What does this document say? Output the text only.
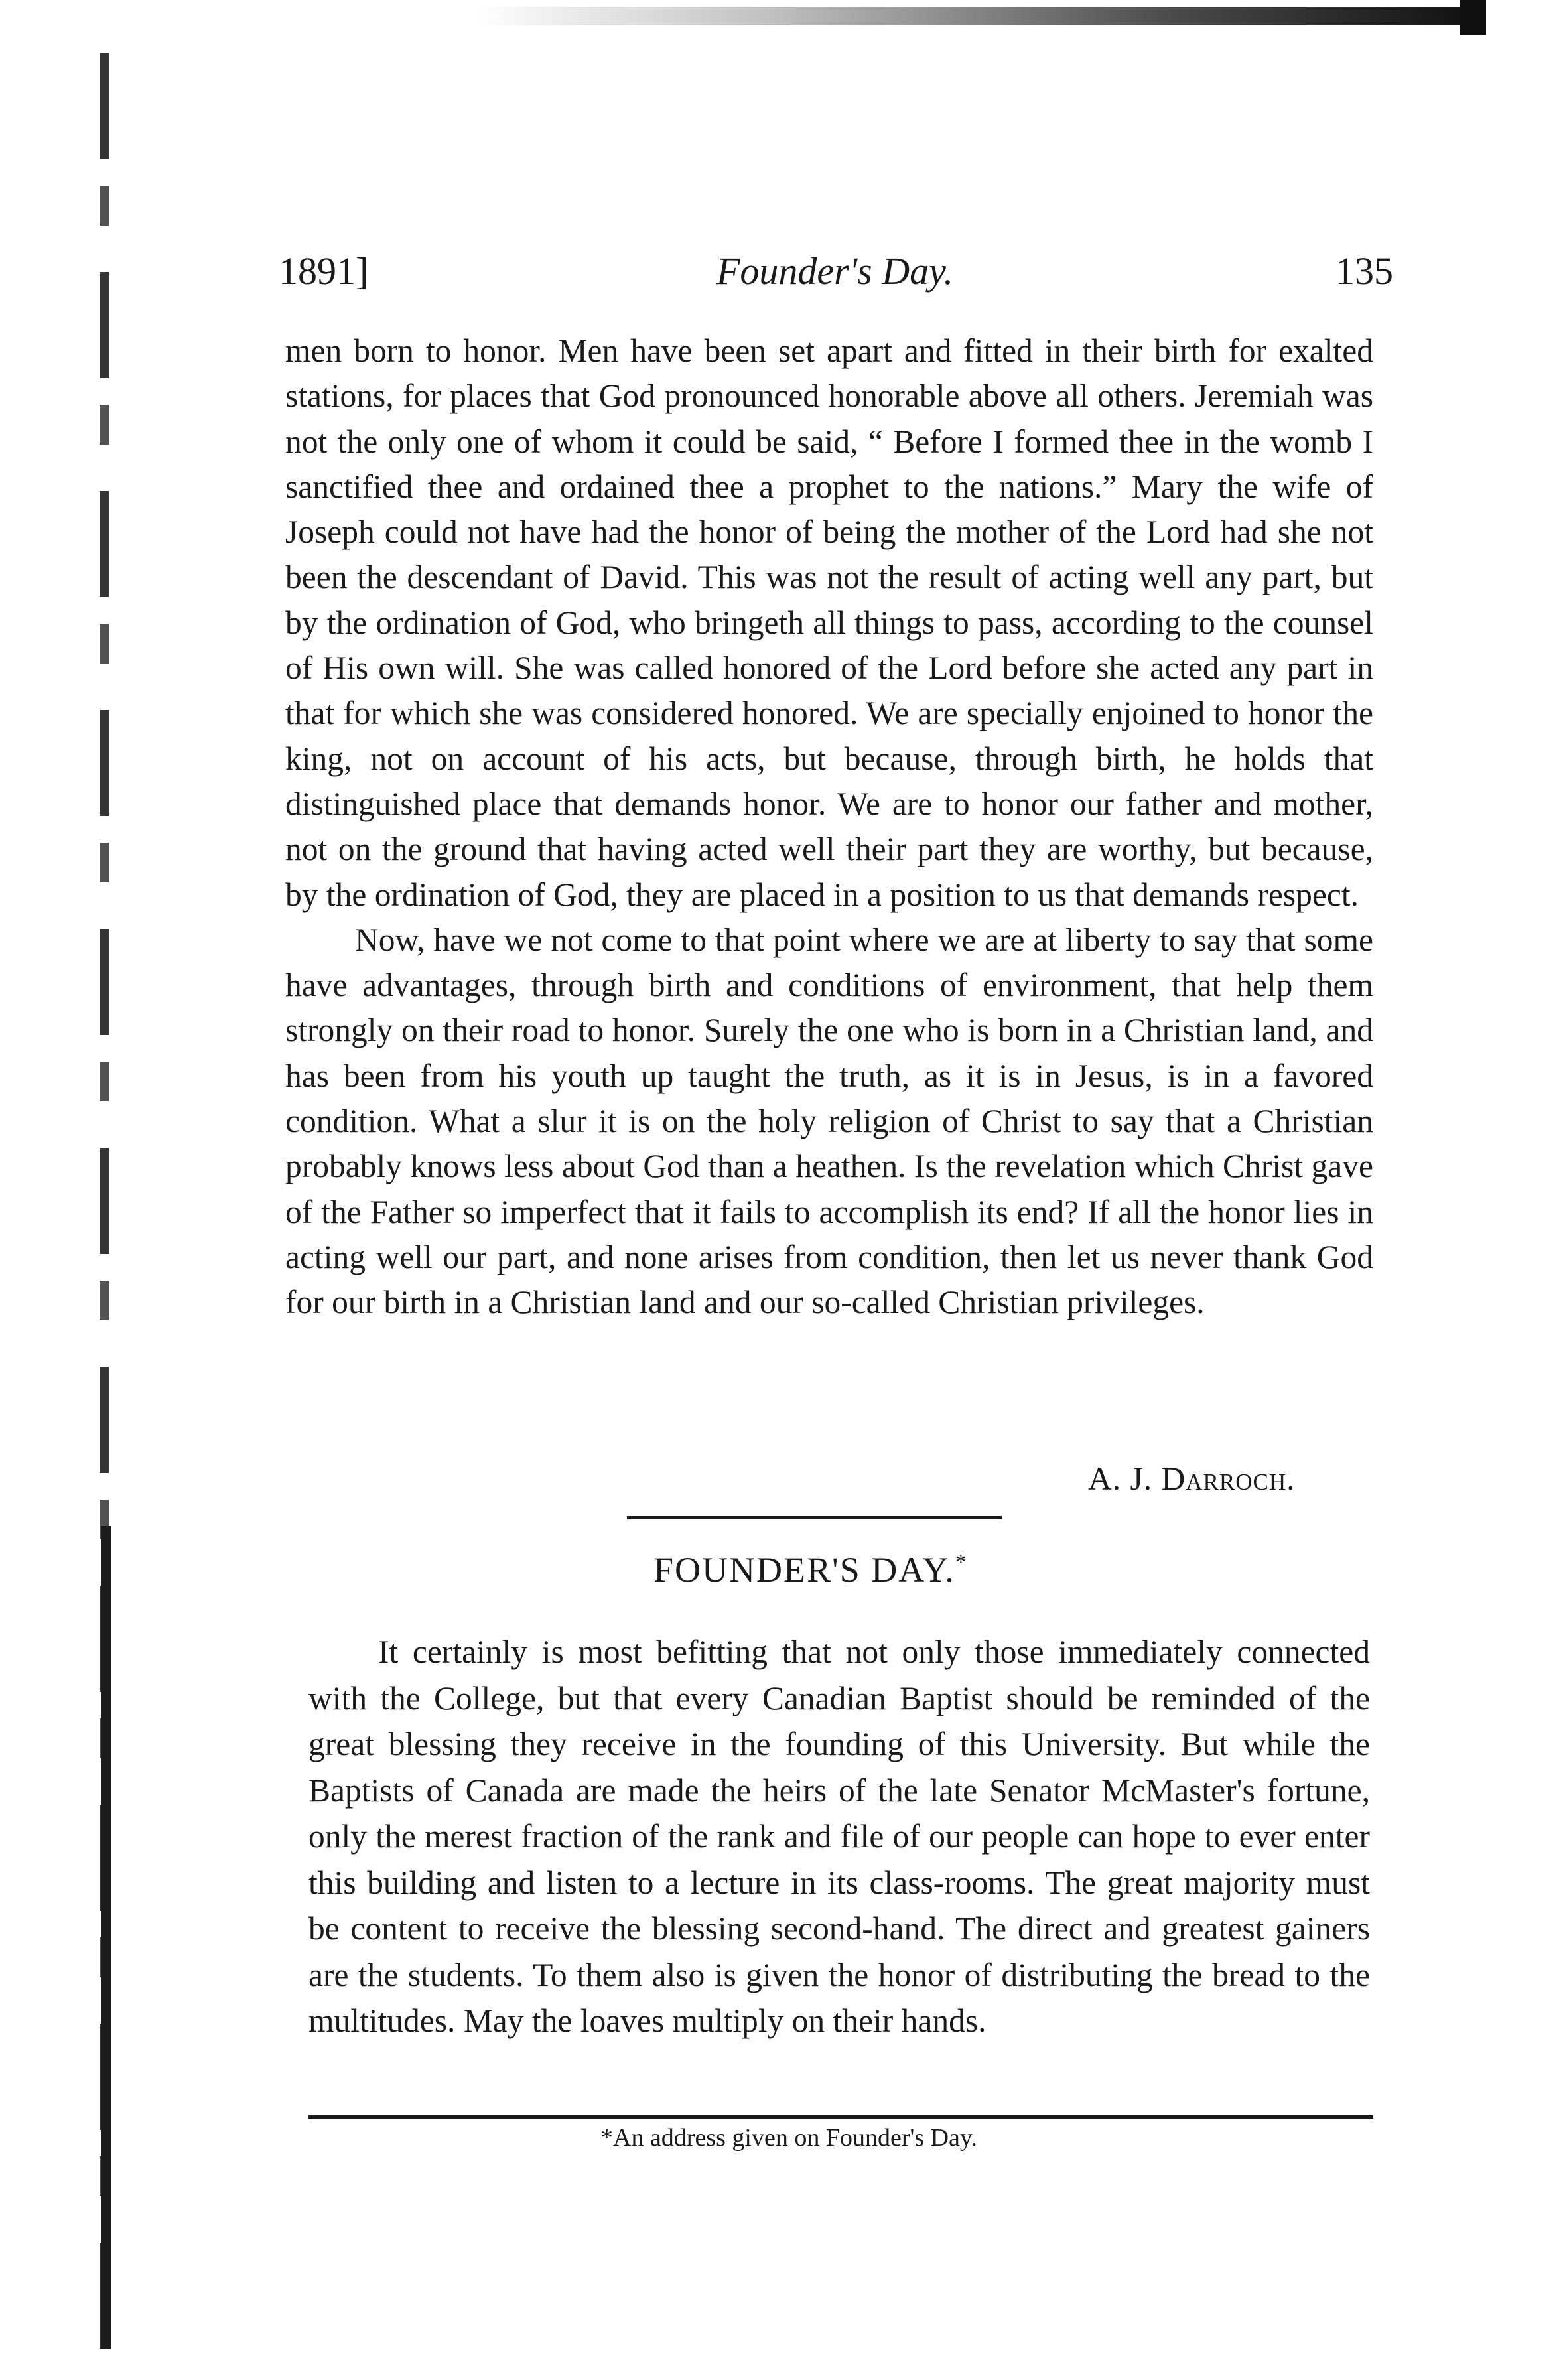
1891]	Founder's Day.	135

men born to honor. Men have been set apart and fitted in their birth for exalted stations, for places that God pronounced honorable above all others. Jeremiah was not the only one of whom it could be said, “ Before I formed thee in the womb I sanctified thee and ordained thee a prophet to the nations.” Mary the wife of Joseph could not have had the honor of being the mother of the Lord had she not been the descendant of David. This was not the result of acting well any part, but by the ordination of God, who bringeth all things to pass, according to the counsel of His own will. She was called honored of the Lord before she acted any part in that for which she was considered honored. We are specially enjoined to honor the king, not on account of his acts, but because, through birth, he holds that distinguished place that demands honor. We are to honor our father and mother, not on the ground that having acted well their part they are worthy, but because, by the ordination of God, they are placed in a position to us that demands respect.

Now, have we not come to that point where we are at liberty to say that some have advantages, through birth and conditions of environment, that help them strongly on their road to honor. Surely the one who is born in a Christian land, and has been from his youth up taught the truth, as it is in Jesus, is in a favored condition. What a slur it is on the holy religion of Christ to say that a Christian probably knows less about God than a heathen. Is the revelation which Christ gave of the Father so imperfect that it fails to accomplish its end? If all the honor lies in acting well our part, and none arises from condition, then let us never thank God for our birth in a Christian land and our so-called Christian privileges.

A. J. Darroch.
FOUNDER'S DAY.*

It certainly is most befitting that not only those immediately connected with the College, but that every Canadian Baptist should be reminded of the great blessing they receive in the founding of this University. But while the Baptists of Canada are made the heirs of the late Senator McMaster's fortune, only the merest fraction of the rank and file of our people can hope to ever enter this building and listen to a lecture in its class-rooms. The great majority must be content to receive the blessing second-hand. The direct and greatest gainers are the students. To them also is given the honor of distributing the bread to the multitudes. May the loaves multiply on their hands.

*An address given on Founder's Day.
